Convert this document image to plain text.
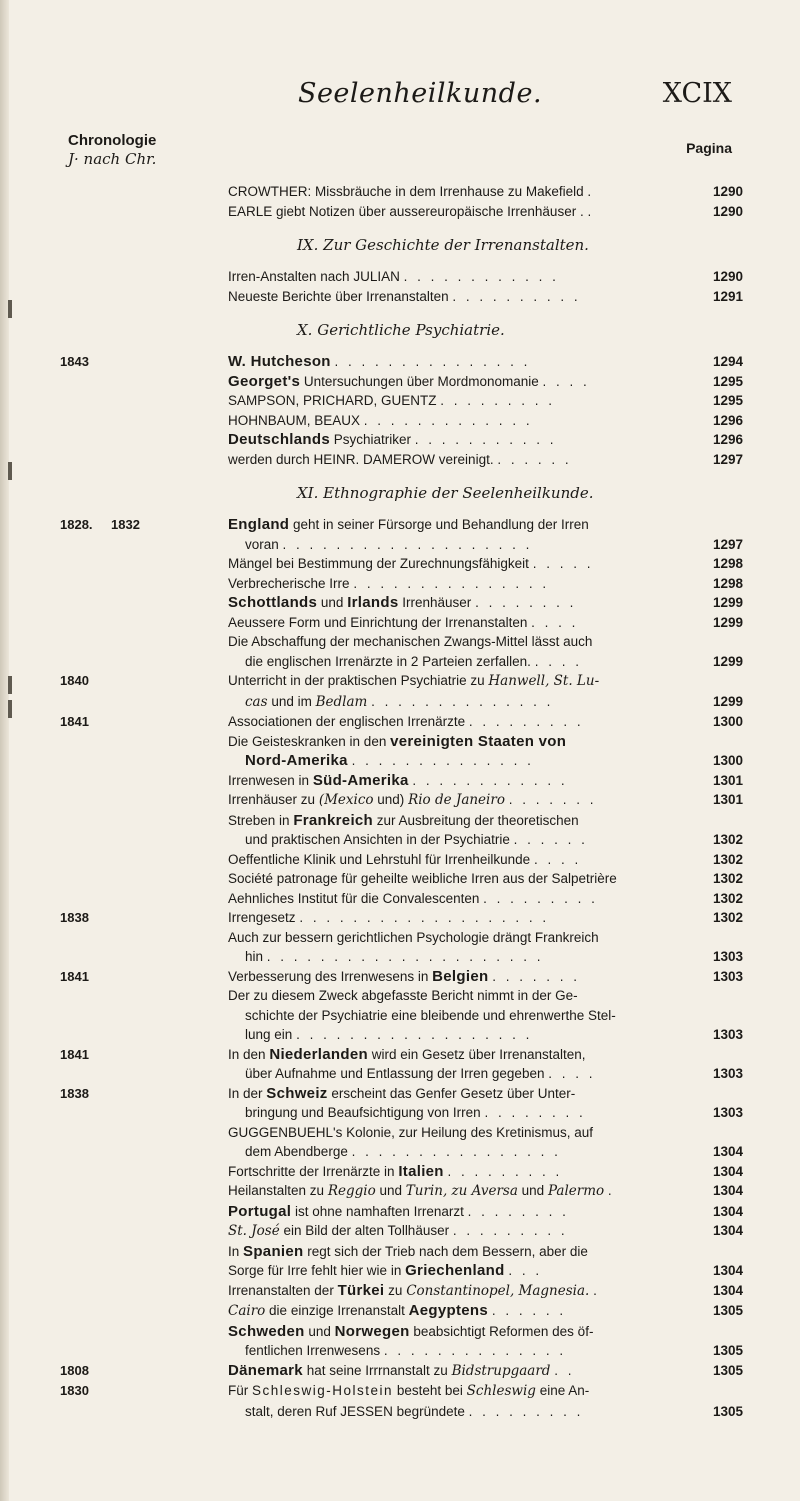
Seelenheilkunde.	XCIX
Chronologie
J· nach Chr.
Pagina
CROWTHER: Missbräuche in dem Irrenhause zu Makefield .	1290
EARLE giebt Notizen über aussereuropäische Irrenhäuser . .	1290
IX. Zur Geschichte der Irrenanstalten.
Irren-Anstalten nach JULIAN . . . . . . . . . . . .	1290
Neueste Berichte über Irrenanstalten . . . . . . . . . .	1291
X. Gerichtliche Psychiatrie.
1843	W. Hutcheson . . . . . . . . . . . . . . .	1294
Georget's Untersuchungen über Mordmonomanie . . . .	1295
SAMPSON, PRICHARD, GUENTZ . . . . . . . . .	1295
HOHNBAUM, BEAUX . . . . . . . . . . . . .	1296
Deutschlands Psychiatriker . . . . . . . . . . .	1296
werden durch HEINR. DAMEROW vereinigt. . . . . . .	1297
XI. Ethnographie der Seelenheilkunde.
1828. 1832	England geht in seiner Fürsorge und Behandlung der Irren
voran . . . . . . . . . . . . . . . . . . .	1297
Mängel bei Bestimmung der Zurechnungsfähigkeit . . . . .	1298
Verbrecherische Irre . . . . . . . . . . . . . . .	1298
Schottlands und Irlands Irrenhäuser . . . . . . . .	1299
Aeussere Form und Einrichtung der Irrenanstalten . . . .	1299
Die Abschaffung der mechanischen Zwangs-Mittel lässt auch
die englischen Irrenärzte in 2 Parteien zerfallen. . . . .	1299
1840	Unterricht in der praktischen Psychiatrie zu Hanwell, St. Lu-
cas und im Bedlam . . . . . . . . . . . . . .	1299
1841	Associationen der englischen Irrenärzte . . . . . . . . .	1300
Die Geisteskranken in den vereinigten Staaten von
Nord-Amerika . . . . . . . . . . . . . .	1300
Irrenwesen in Süd-Amerika . . . . . . . . . . . .	1301
Irrenhäuser zu (Mexico und) Rio de Janeiro . . . . . . .	1301
Streben in Frankreich zur Ausbreitung der theoretischen
und praktischen Ansichten in der Psychiatrie . . . . . .	1302
Oeffentliche Klinik und Lehrstuhl für Irrenheilkunde . . . .	1302
Société patronage für geheilte weibliche Irren aus der Salpetrière	1302
Aehnliches Institut für die Convalescenten . . . . . . . . .	1302
1838	Irrengesetz . . . . . . . . . . . . . . . . . . .	1302
Auch zur bessern gerichtlichen Psychologie drängt Frankreich
hin . . . . . . . . . . . . . . . . . . . . .	1303
1841	Verbesserung des Irrenwesens in Belgien . . . . . . .	1303
Der zu diesem Zweck abgefasste Bericht nimmt in der Ge-
schichte der Psychiatrie eine bleibende und ehrenwerthe Stel-
lung ein . . . . . . . . . . . . . . . . . .	1303
1841	In den Niederlanden wird ein Gesetz über Irrenanstalten,
über Aufnahme und Entlassung der Irren gegeben . . . .	1303
1838	In der Schweiz erscheint das Genfer Gesetz über Unter-
bringung und Beaufsichtigung von Irren . . . . . . . .	1303
GUGGENBUEHL's Kolonie, zur Heilung des Kretinismus, auf
dem Abendberge . . . . . . . . . . . . . . . .	1304
Fortschritte der Irrenärzte in Italien . . . . . . . . .	1304
Heilanstalten zu Reggio und Turin, zu Aversa und Palermo .	1304
Portugal ist ohne namhaften Irrenarzt . . . . . . . .	1304
St. José ein Bild der alten Tollhäuser . . . . . . . . .	1304
In Spanien regt sich der Trieb nach dem Bessern, aber die
Sorge für Irre fehlt hier wie in Griechenland . . .	1304
Irrenanstalten der Türkei zu Constantinopel, Magnesia. .	1304
Cairo die einzige Irrenanstalt Aegyptens . . . . . .	1305
Schweden und Norwegen beabsichtigt Reformen des öf-
fentlichen Irrenwesens . . . . . . . . . . . . . .	1305
1808	Dänemark hat seine Irrrnanstalt zu Bidstrupgaard . .	1305
1830	Für Schleswig-Holstein besteht bei Schleswig eine An-
stalt, deren Ruf JESSEN begründete . . . . . . . . .	1305
